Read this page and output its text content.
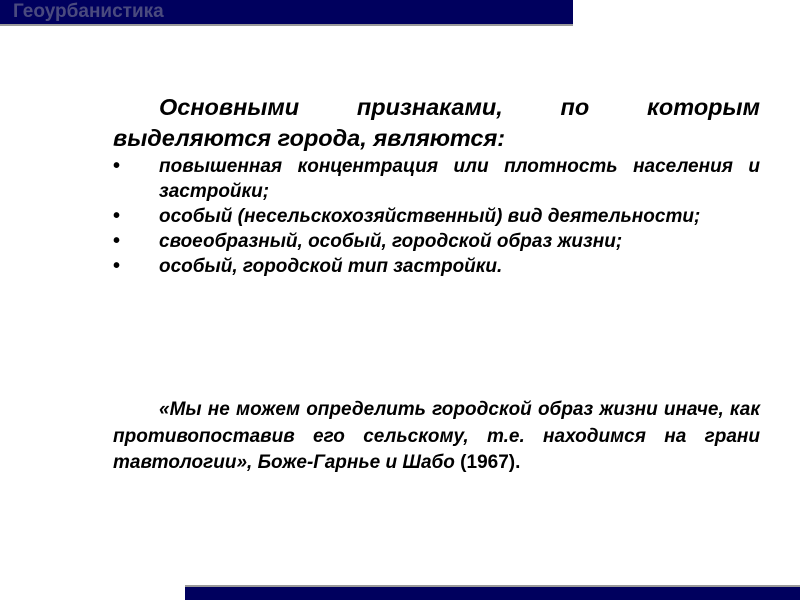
Геоурбанистика

Основными признаками, по которым выделяются города, являются:

• повышенная концентрация или плотность населения и застройки;
• особый (несельскохозяйственный) вид деятельности;
• своеобразный, особый, городской образ жизни;
• особый, городской тип застройки.

«Мы не можем определить городской образ жизни иначе, как противопоставив его сельскому, т.е. находимся на грани тавтологии», Боже-Гарнье и Шабо (1967).
